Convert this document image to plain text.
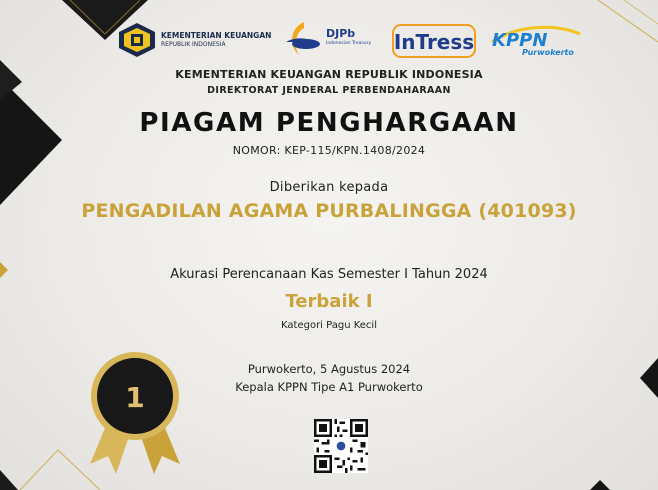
KEMENTERIAN KEUANGAN
REPUBLIK INDONESIA
DJPb
Indonesian Treasury InTress KPPN
Purwokerto
KEMENTERIAN KEUANGAN REPUBLIK INDONESIA
DIREKTORAT JENDERAL PERBENDAHARAAN
PIAGAM PENGHARGAAN
NOMOR: KEP-115/KPN.1408/2024
Diberikan kepada
PENGADILAN AGAMA PURBALINGGA (401093)
Akurasi Perencanaan Kas Semester I Tahun 2024
Terbaik I
Kategori Pagu Kecil
Purwokerto, 5 Agustus 2024
Kepala KPPN Tipe A1 Purwokerto
1
